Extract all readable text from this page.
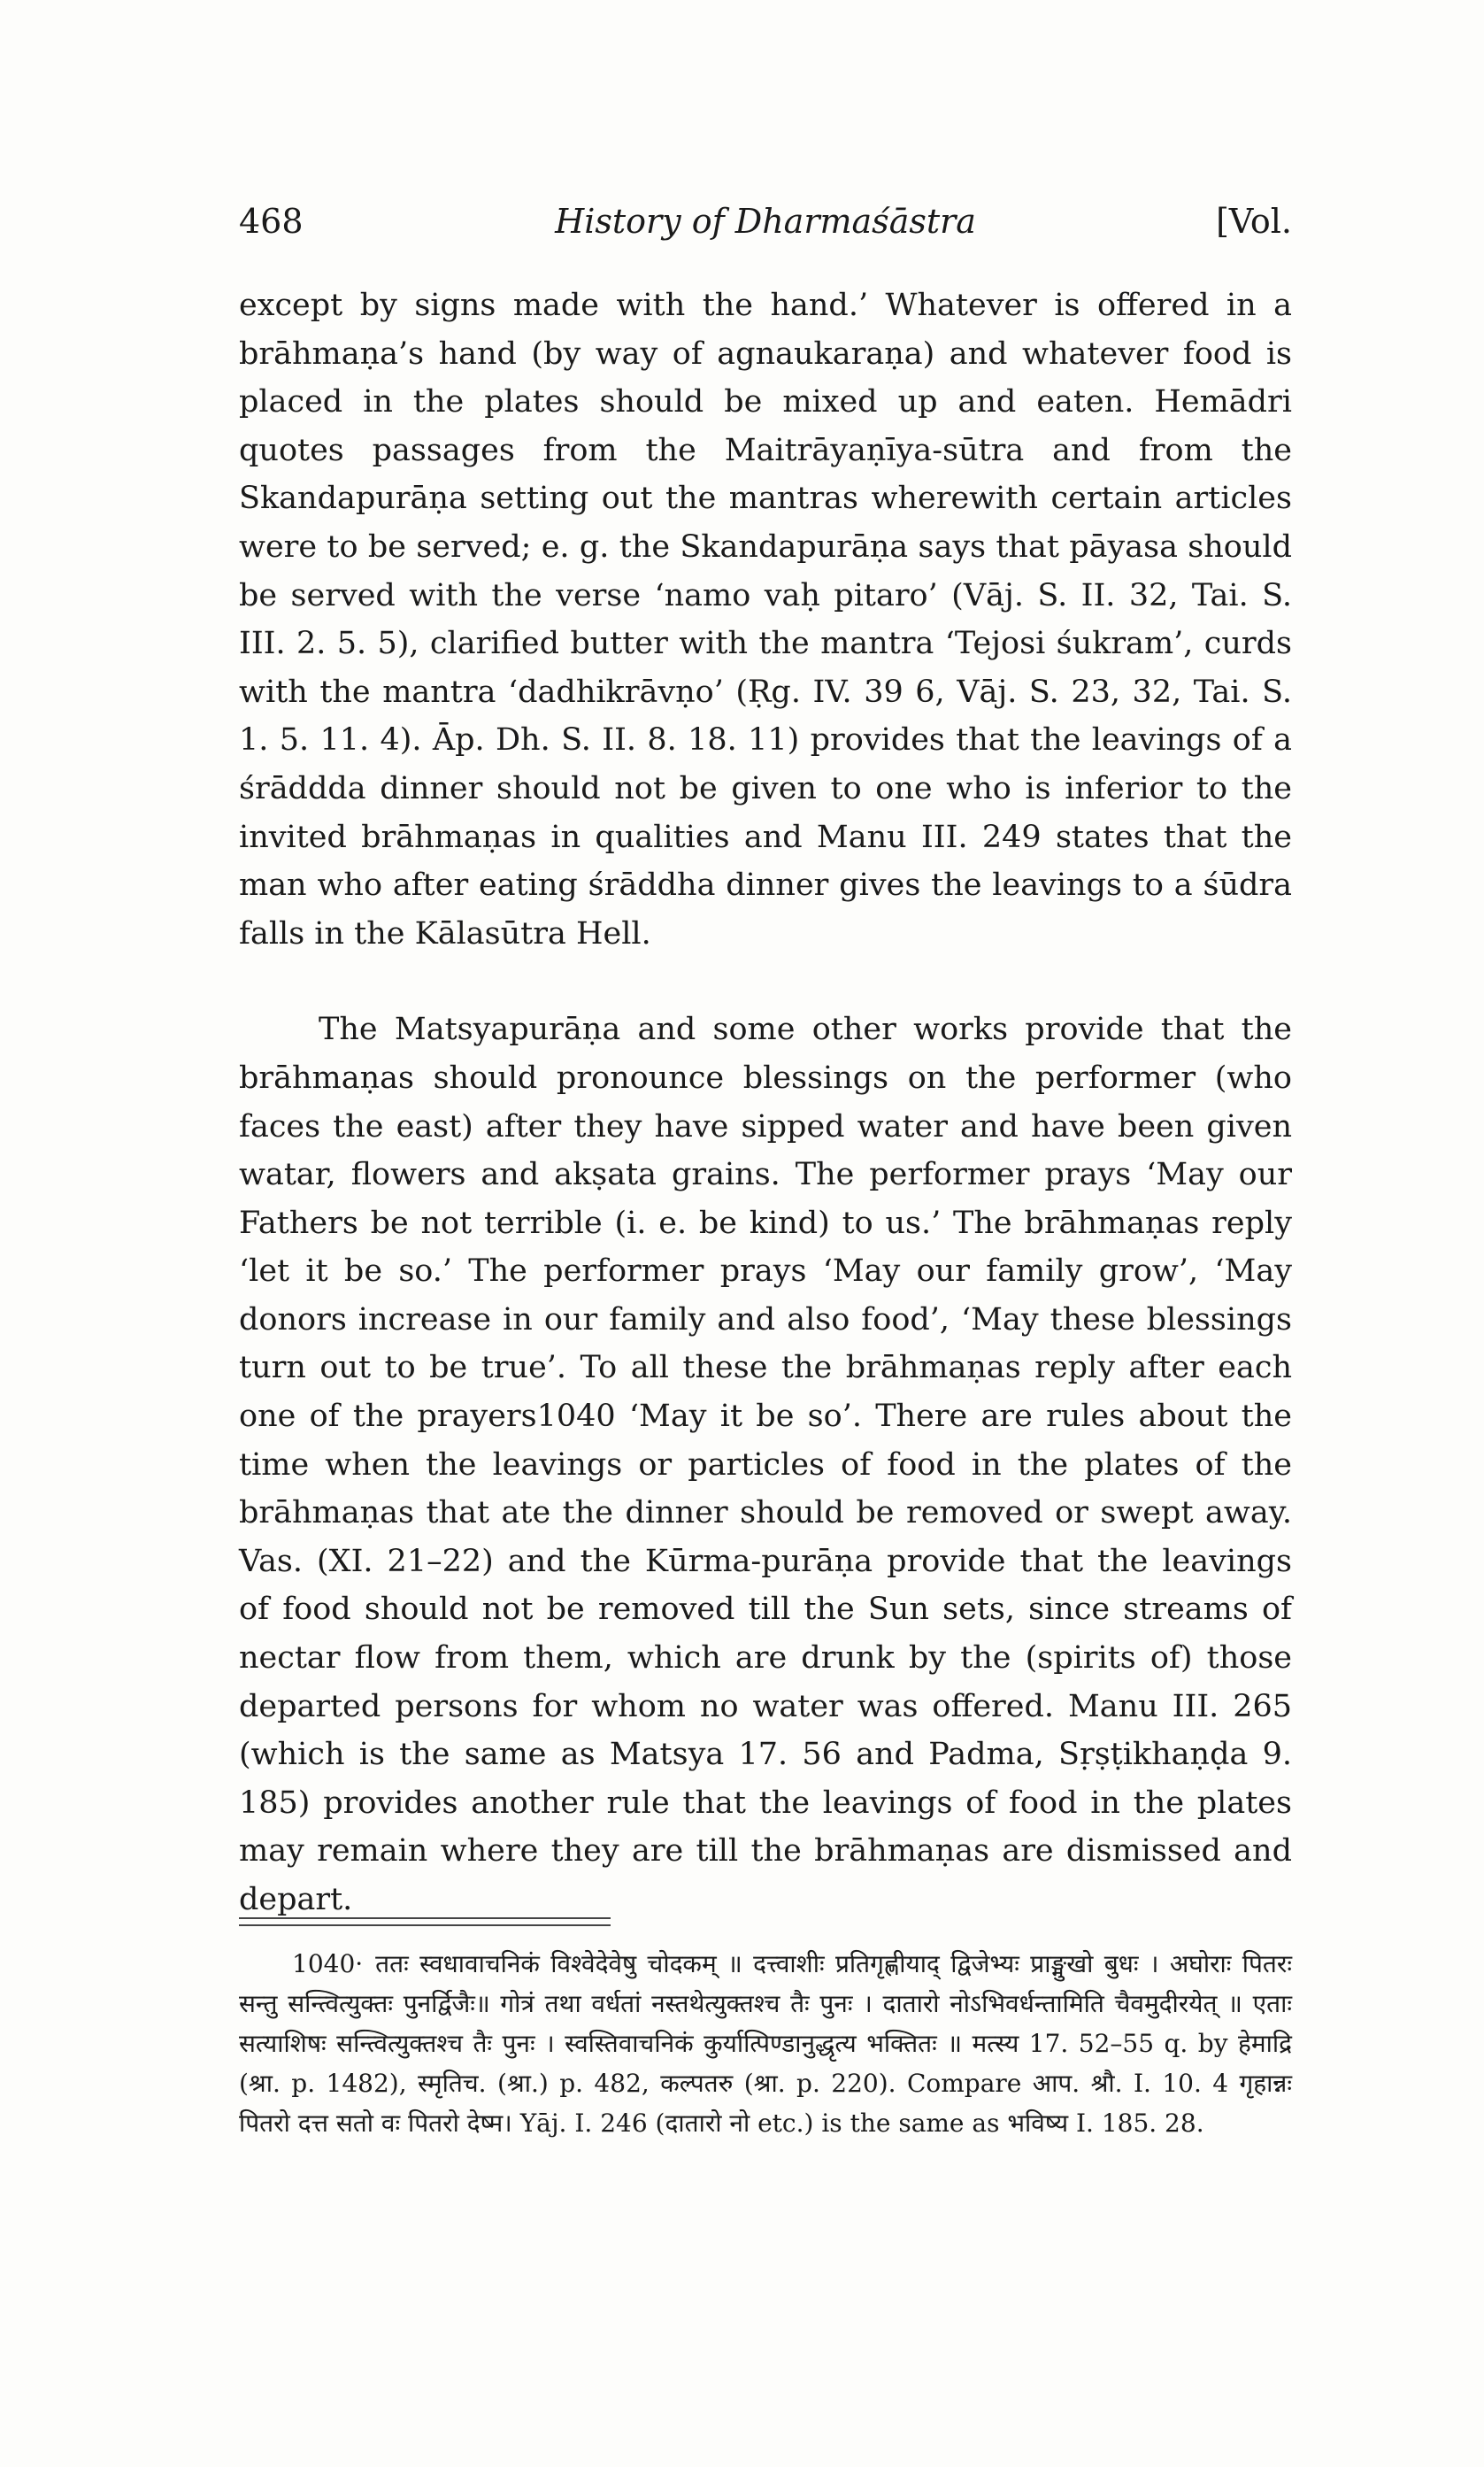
468	History of Dharmaśāstra	[Vol.

except by signs made with the hand.’ Whatever is offered in a brāhmaṇa’s hand (by way of agnaukaraṇa) and whatever food is placed in the plates should be mixed up and eaten. Hemādri quotes passages from the Maitrāyaṇīya-sūtra and from the Skandapurāṇa setting out the mantras wherewith certain articles were to be served; e. g. the Skandapurāṇa says that pāyasa should be served with the verse ‘namo vaḥ pitaro’ (Vāj. S. II. 32, Tai. S. III. 2. 5. 5), clarified butter with the mantra ‘Tejosi śukram’, curds with the mantra ‘dadhikrāvṇo’ (Ṛg. IV. 39 6, Vāj. S. 23, 32, Tai. S. 1. 5. 11. 4). Āp. Dh. S. II. 8. 18. 11) provides that the leavings of a śrāddda dinner should not be given to one who is inferior to the invited brāhmaṇas in qualities and Manu III. 249 states that the man who after eating śrāddha dinner gives the leavings to a śūdra falls in the Kālasūtra Hell.

The Matsyapurāṇa and some other works provide that the brāhmaṇas should pronounce blessings on the performer (who faces the east) after they have sipped water and have been given watar, flowers and akṣata grains. The performer prays ‘May our Fathers be not terrible (i. e. be kind) to us.’ The brāhmaṇas reply ‘let it be so.’ The performer prays ‘May our family grow’, ‘May donors increase in our family and also food’, ‘May these blessings turn out to be true’. To all these the brāhmaṇas reply after each one of the prayers1040 ‘May it be so’. There are rules about the time when the leavings or particles of food in the plates of the brāhmaṇas that ate the dinner should be removed or swept away. Vas. (XI. 21–22) and the Kūrma-purāṇa provide that the leavings of food should not be removed till the Sun sets, since streams of nectar flow from them, which are drunk by the (spirits of) those departed persons for whom no water was offered. Manu III. 265 (which is the same as Matsya 17. 56 and Padma, Sṛṣṭikhaṇḍa 9. 185) provides another rule that the leavings of food in the plates may remain where they are till the brāhmaṇas are dismissed and depart.

1040· ततः स्वधावाचनिकं विश्वेदेवेषु चोदकम् ॥ दत्त्वाशीः प्रतिगृह्णीयाद् द्विजेभ्यः प्राङ्मुखो बुधः । अघोराः पितरः सन्तु सन्त्वित्युक्तः पुनर्द्विजैः॥ गोत्रं तथा वर्धतां नस्तथेत्युक्तश्च तैः पुनः । दातारो नोऽभिवर्धन्तामिति चैवमुदीरयेत् ॥ एताः सत्याशिषः सन्त्वित्युक्तश्च तैः पुनः । स्वस्तिवाचनिकं कुर्यात्पिण्डानुद्धृत्य भक्तितः ॥ मत्स्य 17. 52–55 q. by हेमाद्रि (श्रा. p. 1482), स्मृतिच. (श्रा.) p. 482, कल्पतरु (श्रा. p. 220). Compare आप. श्रौ. I. 10. 4 गृहान्नः पितरो दत्त सतो वः पितरो देष्म। Yāj. I. 246 (दातारो नो etc.) is the same as भविष्य I. 185. 28.
